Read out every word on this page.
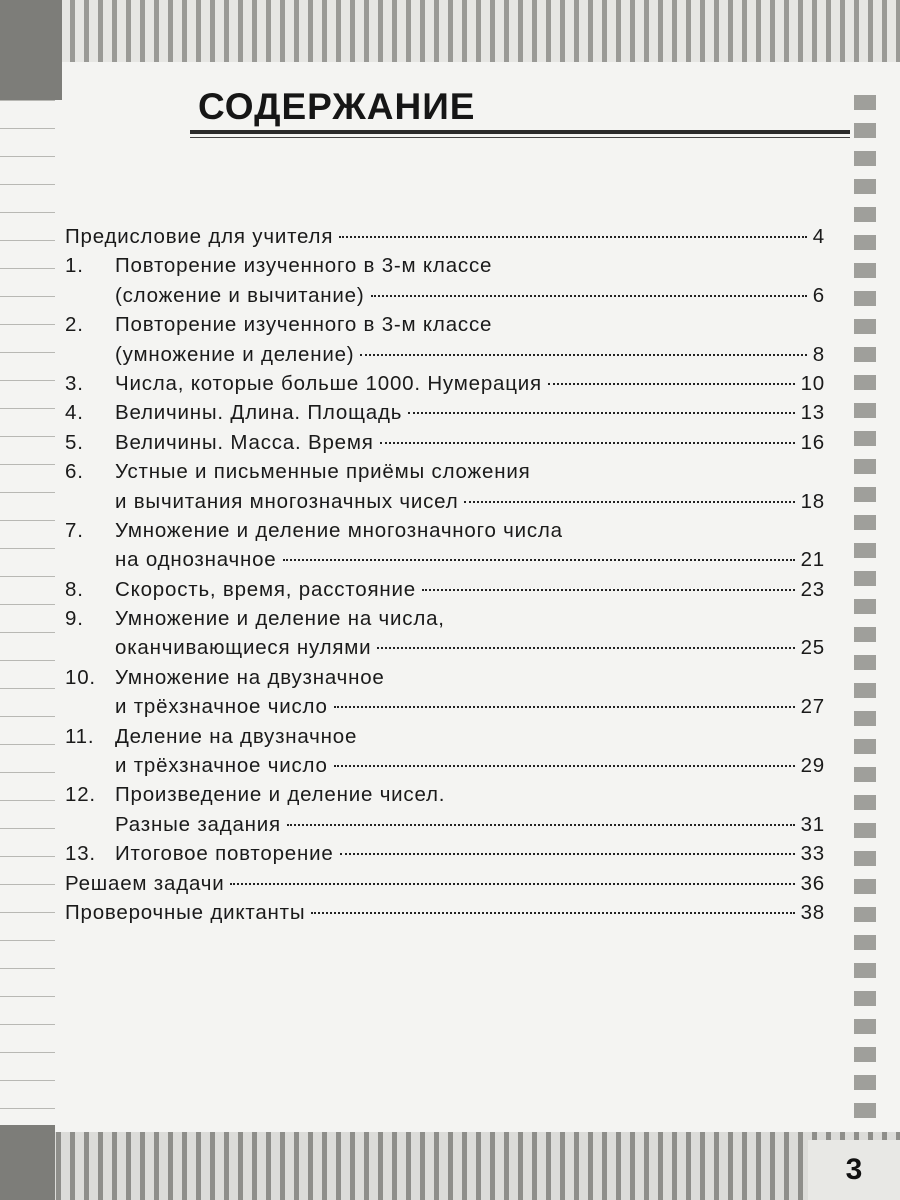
3
СОДЕРЖАНИЕ
Предисловие для учителя	4
1.	Повторение изученного в 3-м классе
(сложение и вычитание)	6
2.	Повторение изученного в 3-м классе
(умножение и деление)	8
3.	Числа, которые больше 1000. Нумерация	10
4.	Величины. Длина. Площадь	13
5.	Величины. Масса. Время	16
6.	Устные и письменные приёмы сложения
и вычитания многозначных чисел	18
7.	Умножение и деление многозначного числа
на однозначное	21
8.	Скорость, время, расстояние	23
9.	Умножение и деление на числа,
оканчивающиеся нулями	25
10. Умножение на двузначное
и трёхзначное число	27
11.	Деление на двузначное
и трёхзначное число	29
12. Произведение и деление чисел.
Разные задания	31
13. Итоговое повторение	33
Решаем задачи	36
Проверочные диктанты	38
